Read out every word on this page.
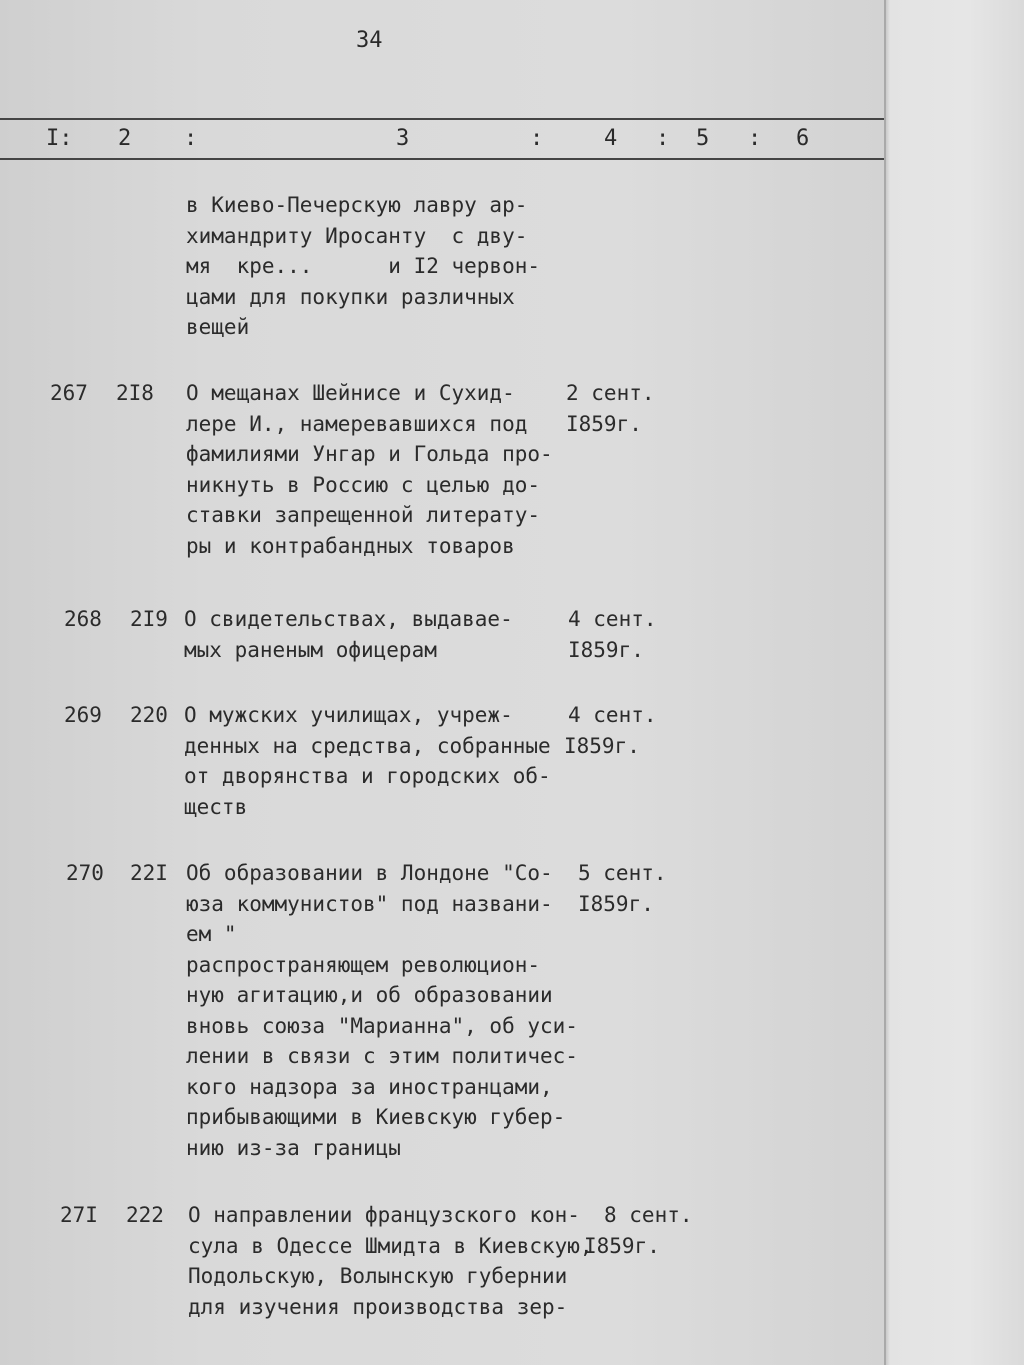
34
I: 2 :	3	:	4 : 5 : 6
в Киево-Печерскую лавру ар-
химандриту Иросанту  с дву-
мя  кре...      и I2 червон-
цами для покупки различных
вещей
267 2I8 О мещанах Шейнисе и Сухид-
лере И., намеревавшихся под
фамилиями Унгар и Гольда про-
никнуть в Россию с целью до-
ставки запрещенной литерату-
ры и контрабандных товаров
2 сент.
I859г.
268 2I9 О свидетельствах, выдавае-
мых раненым офицерам
4 сент.
I859г.
269 220 О мужских училищах, учреж-
денных на средства, собранные
от дворянства и городских об-
ществ
4 сент.
I859г.
270 22I Об образовании в Лондоне "Со-
юза коммунистов" под названи-
ем "
распространяющем революцион-
ную агитацию,и об образовании
вновь союза "Марианна", об уси-
лении в связи с этим политичес-
кого надзора за иностранцами,
прибывающими в Киевскую губер-
нию из-за границы
5 сент.
I859г.
27I 222 О направлении французского кон-
сула в Одессе Шмидта в Киевскую,
Подольскую, Волынскую губернии
для изучения производства зер-
8 сент.
I859г.
